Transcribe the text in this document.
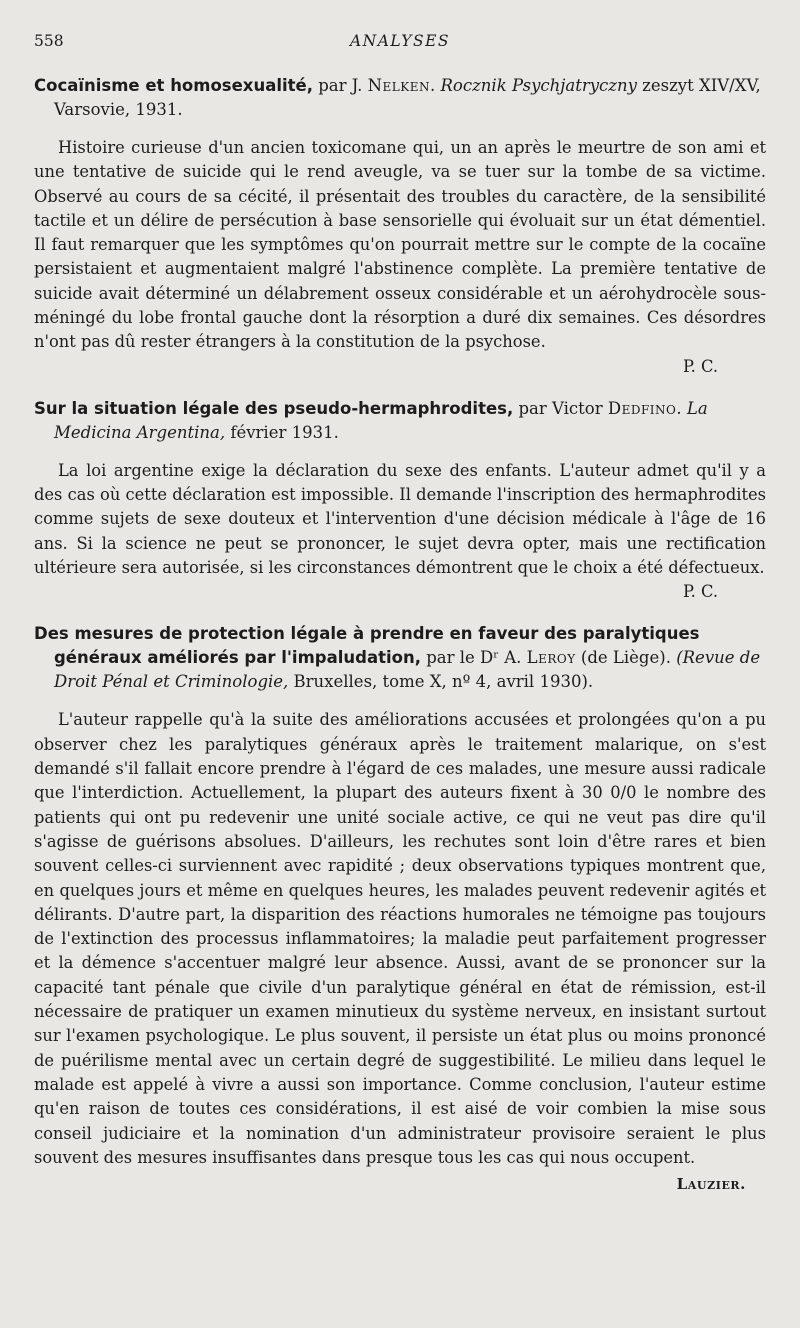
558	ANALYSES
Cocaïnisme et homosexualité, par J. Nelken. Rocznik Psychjatryczny zeszyt XIV/XV, Varsovie, 1931.
Histoire curieuse d'un ancien toxicomane qui, un an après le meurtre de son ami et une tentative de suicide qui le rend aveugle, va se tuer sur la tombe de sa victime. Observé au cours de sa cécité, il présentait des troubles du caractère, de la sensibilité tactile et un délire de persécution à base sensorielle qui évoluait sur un état démentiel. Il faut remarquer que les symptômes qu'on pourrait mettre sur le compte de la cocaïne persistaient et augmentaient malgré l'abstinence complète. La première tentative de suicide avait déterminé un délabrement osseux considérable et un aérohydrocèle sous-méningé du lobe frontal gauche dont la résorption a duré dix semaines. Ces désordres n'ont pas dû rester étrangers à la constitution de la psychose.
P. C.
Sur la situation légale des pseudo-hermaphrodites, par Victor Dedfino. La Medicina Argentina, février 1931.
La loi argentine exige la déclaration du sexe des enfants. L'auteur admet qu'il y a des cas où cette déclaration est impossible. Il demande l'inscription des hermaphrodites comme sujets de sexe douteux et l'intervention d'une décision médicale à l'âge de 16 ans. Si la science ne peut se prononcer, le sujet devra opter, mais une rectification ultérieure sera autorisée, si les circonstances démontrent que le choix a été défectueux.
P. C.
Des mesures de protection légale à prendre en faveur des paralytiques généraux améliorés par l'impaludation, par le Dʳ A. Leroy (de Liège). (Revue de Droit Pénal et Criminologie, Bruxelles, tome X, nº 4, avril 1930).
L'auteur rappelle qu'à la suite des améliorations accusées et prolongées qu'on a pu observer chez les paralytiques généraux après le traitement malarique, on s'est demandé s'il fallait encore prendre à l'égard de ces malades, une mesure aussi radicale que l'interdiction. Actuellement, la plupart des auteurs fixent à 30 0/0 le nombre des patients qui ont pu redevenir une unité sociale active, ce qui ne veut pas dire qu'il s'agisse de guérisons absolues. D'ailleurs, les rechutes sont loin d'être rares et bien souvent celles-ci surviennent avec rapidité ; deux observations typiques montrent que, en quelques jours et même en quelques heures, les malades peuvent redevenir agités et délirants. D'autre part, la disparition des réactions humorales ne témoigne pas toujours de l'extinction des processus inflammatoires; la maladie peut parfaitement progresser et la démence s'accentuer malgré leur absence. Aussi, avant de se prononcer sur la capacité tant pénale que civile d'un paralytique général en état de rémission, est-il nécessaire de pratiquer un examen minutieux du système nerveux, en insistant surtout sur l'examen psychologique. Le plus souvent, il persiste un état plus ou moins prononcé de puérilisme mental avec un certain degré de suggestibilité. Le milieu dans lequel le malade est appelé à vivre a aussi son importance. Comme conclusion, l'auteur estime qu'en raison de toutes ces considérations, il est aisé de voir combien la mise sous conseil judiciaire et la nomination d'un administrateur provisoire seraient le plus souvent des mesures insuffisantes dans presque tous les cas qui nous occupent.
Lauzier.
